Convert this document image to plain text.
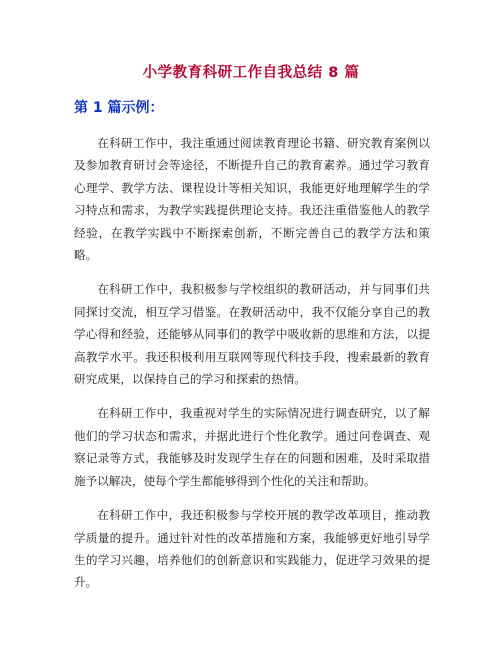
小学教育科研工作自我总结 8 篇
第 1 篇示例：

在科研工作中，我注重通过阅读教育理论书籍、研究教育案例以及参加教育研讨会等途径，不断提升自己的教育素养。通过学习教育心理学、教学方法、课程设计等相关知识，我能更好地理解学生的学习特点和需求，为教学实践提供理论支持。我还注重借鉴他人的教学经验，在教学实践中不断探索创新，不断完善自己的教学方法和策略。

在科研工作中，我积极参与学校组织的教研活动，并与同事们共同探讨交流，相互学习借鉴。在教研活动中，我不仅能分享自己的教学心得和经验，还能够从同事们的教学中吸收新的思维和方法，以提高教学水平。我还积极利用互联网等现代科技手段，搜索最新的教育研究成果，以保持自己的学习和探索的热情。

在科研工作中，我重视对学生的实际情况进行调查研究，以了解他们的学习状态和需求，并据此进行个性化教学。通过问卷调查、观察记录等方式，我能够及时发现学生存在的问题和困难，及时采取措施予以解决，使每个学生都能够得到个性化的关注和帮助。

在科研工作中，我还积极参与学校开展的教学改革项目，推动教学质量的提升。通过针对性的改革措施和方案，我能够更好地引导学生的学习兴趣，培养他们的创新意识和实践能力，促进学习效果的提升。
